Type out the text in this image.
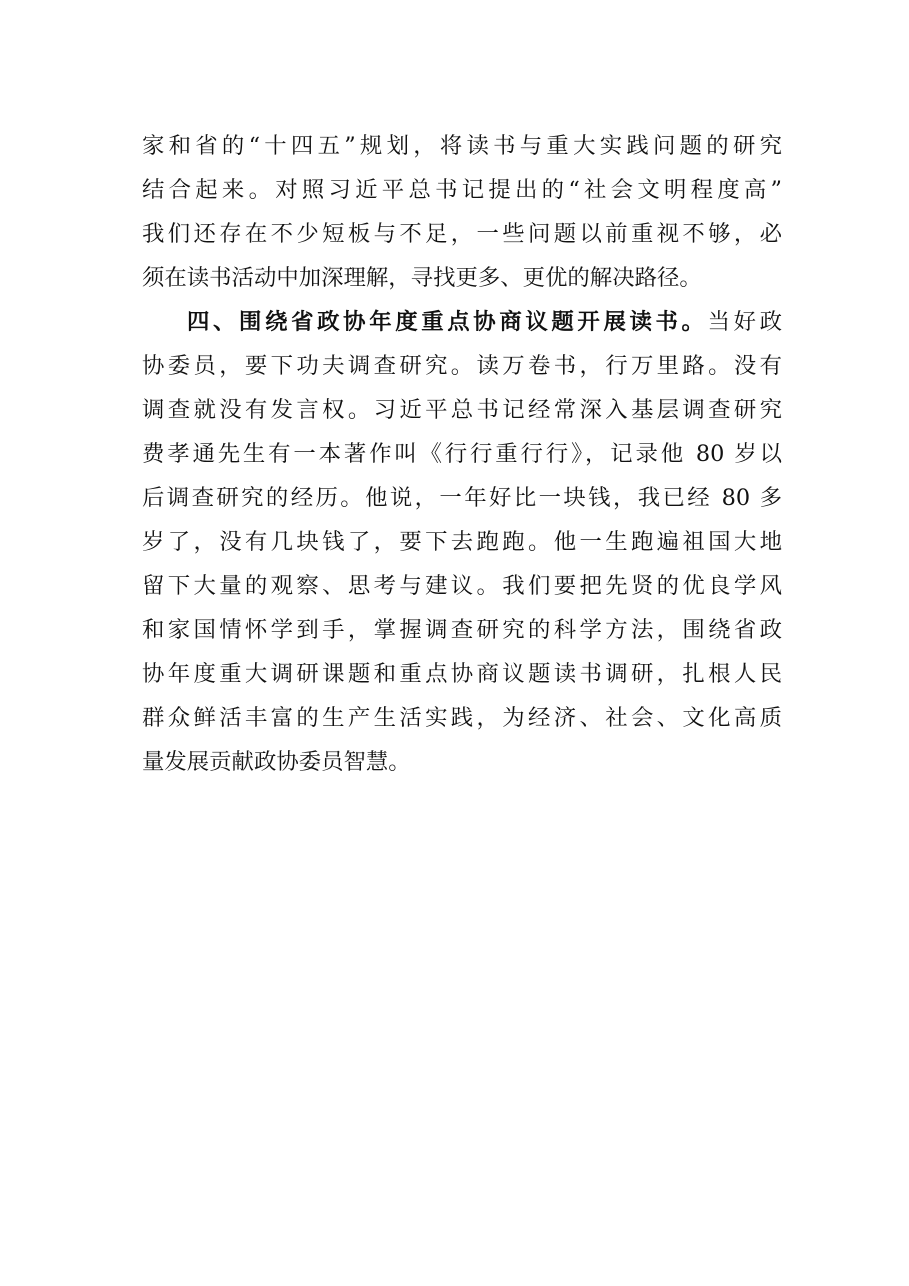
家和省的“十四五”规划，将读书与重大实践问题的研究
结合起来。对照习近平总书记提出的“社会文明程度高”
我们还存在不少短板与不足，一些问题以前重视不够，必
须在读书活动中加深理解，寻找更多、更优的解决路径。
四、围绕省政协年度重点协商议题开展读书。当好政
协委员，要下功夫调查研究。读万卷书，行万里路。没有
调查就没有发言权。习近平总书记经常深入基层调查研究
费孝通先生有一本著作叫《行行重行行》，记录他 80 岁以
后调查研究的经历。他说，一年好比一块钱，我已经 80 多
岁了，没有几块钱了，要下去跑跑。他一生跑遍祖国大地
留下大量的观察、思考与建议。我们要把先贤的优良学风
和家国情怀学到手，掌握调查研究的科学方法，围绕省政
协年度重大调研课题和重点协商议题读书调研，扎根人民
群众鲜活丰富的生产生活实践，为经济、社会、文化高质
量发展贡献政协委员智慧。
